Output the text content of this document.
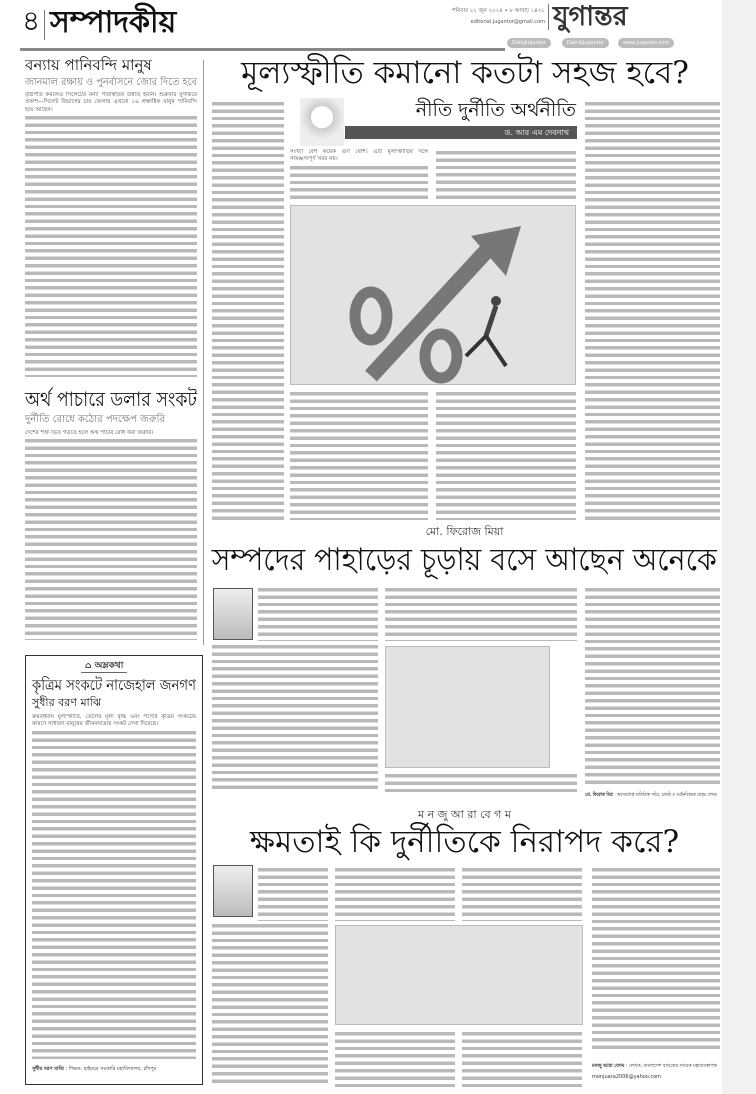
৪ সম্পাদকীয়	শনিবার ২২ জুন ২০২৪ • ৮ আষাঢ় ১৪৩১
editorial.jugantor@gmail.com যুগান্তর
DailyJugantor	DainikJugantor	www.jugantor.com
বন্যায় পানিবন্দি মানুষ
জানমাল রক্ষায় ও পুনর্বাসনে জোর দিতে হবে
বৃষ্টিপাত কমলেও সিলেটের বন্যা পরিস্থিতির উন্নতি হয়নি। শুক্রবার যুগান্তরে প্রকাশ—সিলেট বিভাগের চার জেলায় এখনো ১৬ লক্ষাধিক মানুষ পানিবন্দি হয়ে আছেন।
অর্থ পাচারে ডলার সংকট
দুর্নীতি রোধে কঠোর পদক্ষেপ জরুরি
দেশের শক্ত ভিত গড়তে হলে অর্থ পাচার রোধ করা জরুরি।
⌂ অম্লকথা
কৃত্রিম সংকটে নাজেহাল জনগণ
সুধীর বরণ মাঝি
ক্রমবর্ধমান মূল্যস্ফীতি, তেলের মূল্য বৃদ্ধি এবং পণ্যের কৃত্রিম সংকটের কারণে সাধারণ মানুষের জীবনযাত্রায় সংকট দেখা দিয়েছে।
সুধীর বরণ মাঝি : শিক্ষক, হাইমচর সরকারি মহাবিদ্যালয়, চাঁদপুর
মূল্যস্ফীতি কমানো কতটা সহজ হবে?
নীতি দুর্নীতি অর্থনীতি
ড. আর এম দেবনাথ
সংখ্যা বেশ কয়েক গুণ বেশি। এটি মূল্যস্ফীতির সঙ্গে সামঞ্জস্যপূর্ণ খবর নয়।
মো. ফিরোজ মিয়া
সম্পদের পাহাড়ের চূড়ায় বসে আছেন অনেকে
মো. ফিরোজ মিয়া : অবসরপ্রাপ্ত অতিরিক্ত সচিব, চাকরি ও আইনবিষয়ক গ্রন্থের লেখক
ম ন জু আ রা বে গ ম
ক্ষমতাই কি দুর্নীতিকে নিরাপদ করে?
মনজু আরা বেগম : লেখক, বাংলাদেশ ব্যাংকের সাবেক মহাব্যবস্থাপক
monjuara2006@yahoo.com
